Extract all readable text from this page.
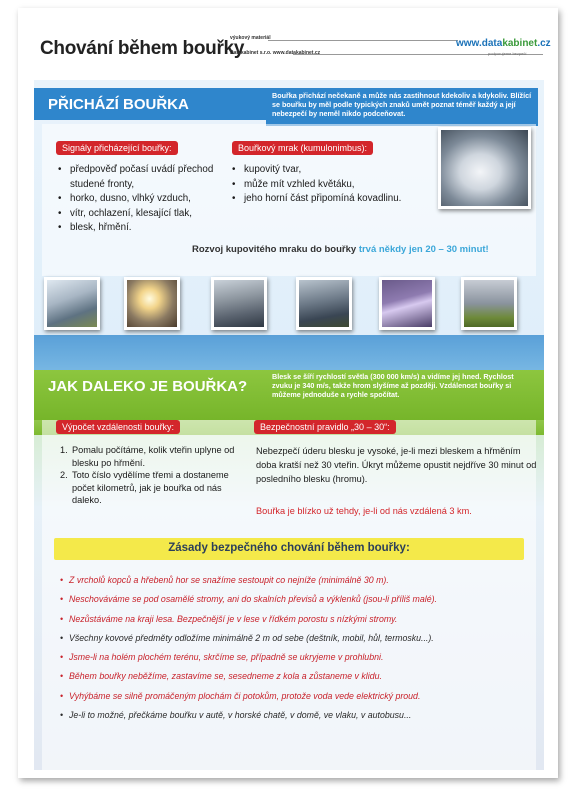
Chování během bouřky
výukový materiál
Datakabinet s.r.o. www.datakabinet.cz
www.datakabinet.cz
podporujeme bezpečí
PŘICHÁZÍ BOUŘKA
Bouřka přichází nečekaně a může nás zastihnout kdekoliv a kdykoliv. Blížící se bouřku by měl podle typických znaků umět poznat téměř každý a její nebezpečí by neměl nikdo podceňovat.
JAK DALEKO JE BOUŘKA?
Blesk se šíří rychlostí světla (300 000 km/s) a vidíme jej hned. Rychlost zvuku je 340 m/s, takže hrom slyšíme až později. Vzdálenost bouřky si můžeme jednoduše a rychle spočítat.
Signály přicházející bouřky:
• předpověď počasí uvádí přechod studené fronty,
• horko, dusno, vlhký vzduch,
• vítr, ochlazení, klesající tlak,
• blesk, hřmění.
Bouřkový mrak (kumulonimbus):
• kupovitý tvar,
• může mít vzhled květáku,
• jeho horní část připomíná kovadlinu.
Rozvoj kupovitého mraku do bouřky trvá někdy jen 20 – 30 minut!
Výpočet vzdálenosti bouřky:
1. Pomalu počítáme, kolik vteřin uplyne od blesku po hřmění.
2. Toto číslo vydělíme třemi a dostaneme počet kilometrů, jak je bouřka od nás daleko.
Bezpečnostní pravidlo „30 – 30“:
Nebezpečí úderu blesku je vysoké, je-li mezi bleskem a hřměním doba kratší než 30 vteřin. Úkryt můžeme opustit nejdříve 30 minut od posledního blesku (hromu).
Bouřka je blízko už tehdy, je-li od nás vzdálená 3 km.
Zásady bezpečného chování během bouřky:
• Z vrcholů kopců a hřebenů hor se snažíme sestoupit co nejníže (minimálně 30 m).
• Neschováváme se pod osamělé stromy, ani do skalních převisů a výklenků (jsou-li příliš malé).
• Nezůstáváme na kraji lesa. Bezpečnější je v lese v řídkém porostu s nízkými stromy.
• Všechny kovové předměty odložíme minimálně 2 m od sebe (deštník, mobil, hůl, termosku...).
• Jsme-li na holém plochém terénu, skrčíme se, případně se ukryjeme v prohlubni.
• Během bouřky neběžíme, zastavíme se, sesedneme z kola a zůstaneme v klidu.
• Vyhýbáme se silně promáčeným plochám či potokům, protože voda vede elektrický proud.
• Je-li to možné, přečkáme bouřku v autě, v horské chatě, v domě, ve vlaku, v autobusu...
